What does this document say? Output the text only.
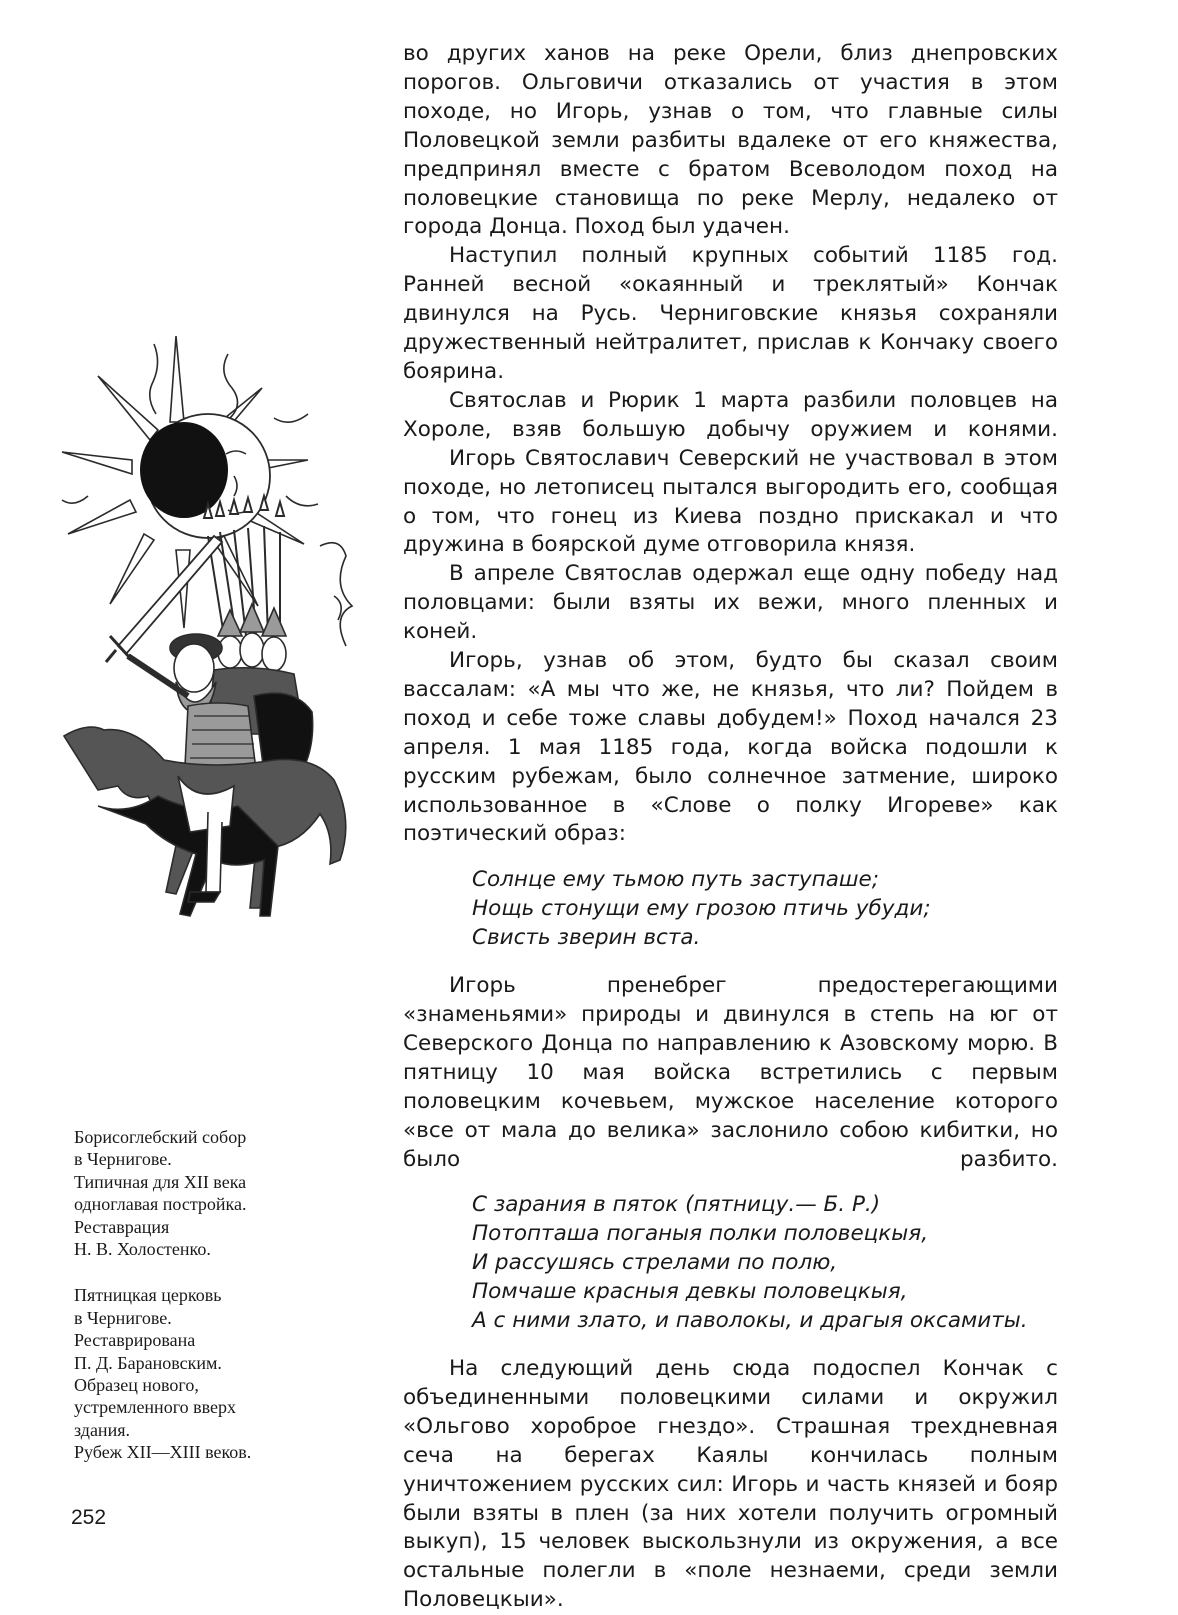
Борисоглебский собор
в Чернигове.
Типичная для XII века
одноглавая постройка.
Реставрация
Н. В. Холостенко.

Пятницкая церковь
в Чернигове.
Реставрирована
П. Д. Барановским.
Образец нового,
устремленного вверх
здания.
Рубеж XII—XIII веков.

во других ханов на реке Орели, близ днепровских порогов. Ольговичи отказались от участия в этом походе, но Игорь, узнав о том, что главные силы Половецкой земли разбиты вдалеке от его княжества, предпринял вместе с братом Всеволодом поход на половецкие становища по реке Мерлу, недалеко от города Донца. Поход был удачен.

Наступил полный крупных событий 1185 год. Ранней весной «окаянный и треклятый» Кончак двинулся на Русь. Черниговские князья сохраняли дружественный нейтралитет, прислав к Кончаку своего боярина.

Святослав и Рюрик 1 марта разбили половцев на Хороле, взяв большую добычу оружием и конями.

Игорь Святославич Северский не участвовал в этом походе, но летописец пытался выгородить его, сообщая о том, что гонец из Киева поздно прискакал и что дружина в боярской думе отговорила князя.

В апреле Святослав одержал еще одну победу над половцами: были взяты их вежи, много пленных и коней.

Игорь, узнав об этом, будто бы сказал своим вассалам: «А мы что же, не князья, что ли? Пойдем в поход и себе тоже славы добудем!» Поход начался 23 апреля. 1 мая 1185 года, когда войска подошли к русским рубежам, было солнечное затмение, широко использованное в «Слове о полку Игореве» как поэтический образ:

Солнце ему тьмою путь заступаше;
Нощь стонущи ему грозою птичь убуди;
Свисть зверин вста.

Игорь пренебрег предостерегающими «знаменьями» природы и двинулся в степь на юг от Северского Донца по направлению к Азовскому морю. В пятницу 10 мая войска встретились с первым половецким кочевьем, мужское население которого «все от мала до велика» заслонило собою кибитки, но было разбито.

С зарания в пяток (пятницу.— Б. Р.)
Потопташа поганыя полки половецкыя,
И рассушясь стрелами по полю,
Помчаше красныя девкы половецкыя,
А с ними злато, и паволокы, и драгыя оксамиты.

На следующий день сюда подоспел Кончак с объединенными половецкими силами и окружил «Ольгово хороброе гнездо». Страшная трехдневная сеча на берегах Каялы кончилась полным уничтожением русских сил: Игорь и часть князей и бояр были взяты в плен (за них хотели получить огромный выкуп), 15 человек выскользнули из окружения, а все остальные полегли в «поле незнаеми, среди земли Половецкыи».

252
